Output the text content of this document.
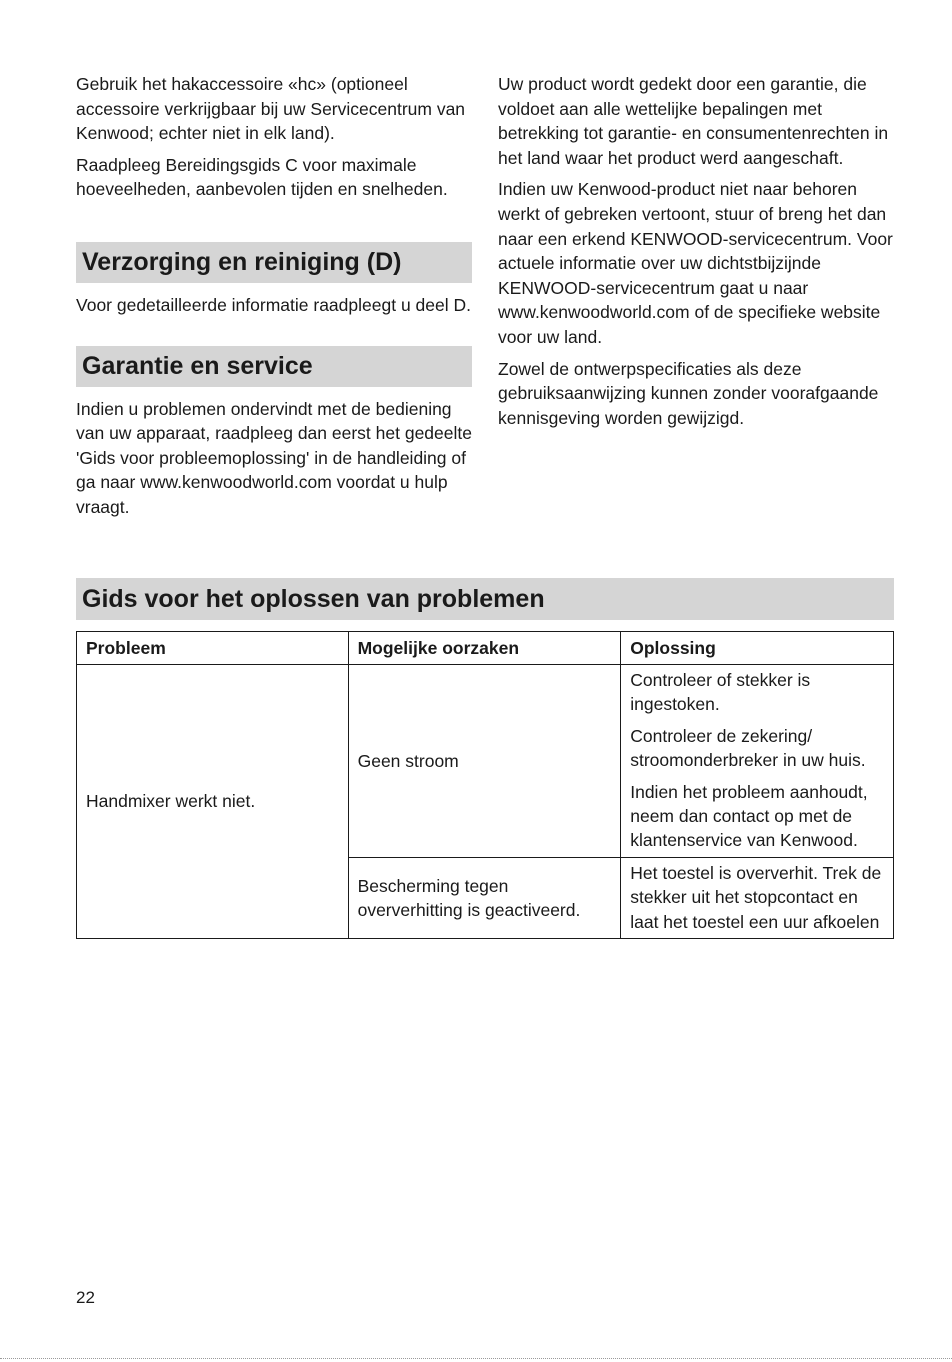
Gebruik het hakaccessoire «hc» (optioneel accessoire verkrijgbaar bij uw Servicecentrum van Kenwood; echter niet in elk land).

Raadpleeg Bereidingsgids C voor maximale hoeveelheden, aanbevolen tijden en snelheden.

Verzorging en reiniging (D)

Voor gedetailleerde informatie raadpleegt u deel D.

Garantie en service

Indien u problemen ondervindt met de bediening van uw apparaat, raadpleeg dan eerst het gedeelte 'Gids voor probleemoplossing' in de handleiding of ga naar www.kenwoodworld.com voordat u hulp vraagt.

Uw product wordt gedekt door een garantie, die voldoet aan alle wettelijke bepalingen met betrekking tot garantie- en consumentenrechten in het land waar het product werd aangeschaft.

Indien uw Kenwood-product niet naar behoren werkt of gebreken vertoont, stuur of breng het dan naar een erkend KENWOOD-servicecentrum. Voor actuele informatie over uw dichtstbijzijnde KENWOOD-servicecentrum gaat u naar www.kenwoodworld.com of de specifieke website voor uw land.

Zowel de ontwerpspecificaties als deze gebruiksaanwijzing kunnen zonder voorafgaande kennisgeving worden gewijzigd.

Gids voor het oplossen van problemen
Probleem	Mogelijke oorzaken	Oplossing
Handmixer werkt niet.	Geen stroom	Controleer of stekker is ingestoken.

Controleer de zekering/ stroomonderbreker in uw huis.

Indien het probleem aanhoudt, neem dan contact op met de klantenservice van Kenwood.

	Bescherming tegen oververhitting is geactiveerd.	Het toestel is oververhit. Trek de stekker uit het stopcontact en laat het toestel een uur afkoelen

22
